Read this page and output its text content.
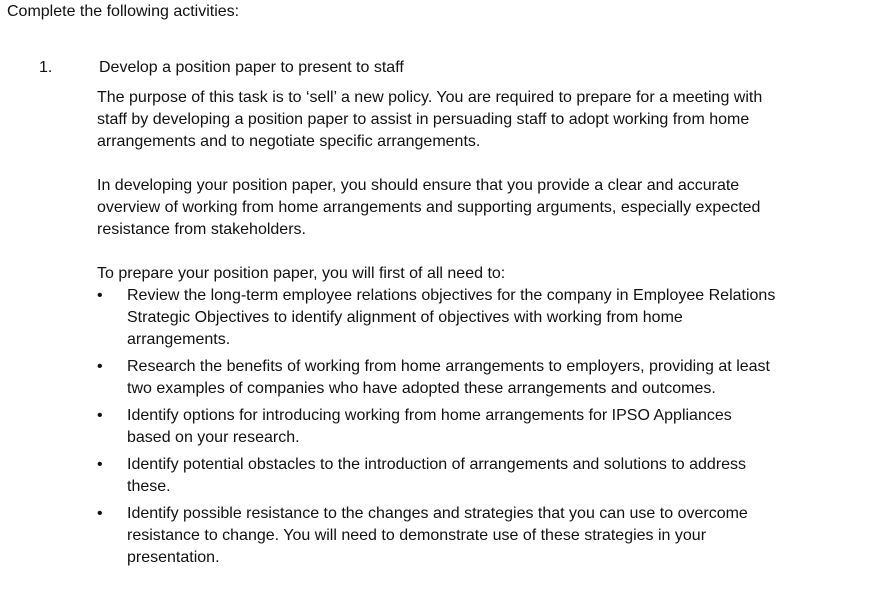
Complete the following activities:
1.	Develop a position paper to present to staff

The purpose of this task is to ‘sell’ a new policy. You are required to prepare for a meeting with staff by developing a position paper to assist in persuading staff to adopt working from home arrangements and to negotiate specific arrangements.

In developing your position paper, you should ensure that you provide a clear and accurate overview of working from home arrangements and supporting arguments, especially expected resistance from stakeholders.

To prepare your position paper, you will first of all need to:

• Review the long-term employee relations objectives for the company in Employee Relations Strategic Objectives to identify alignment of objectives with working from home arrangements.
• Research the benefits of working from home arrangements to employers, providing at least two examples of companies who have adopted these arrangements and outcomes.
• Identify options for introducing working from home arrangements for IPSO Appliances based on your research.
• Identify potential obstacles to the introduction of arrangements and solutions to address these.
• Identify possible resistance to the changes and strategies that you can use to overcome resistance to change. You will need to demonstrate use of these strategies in your presentation.
